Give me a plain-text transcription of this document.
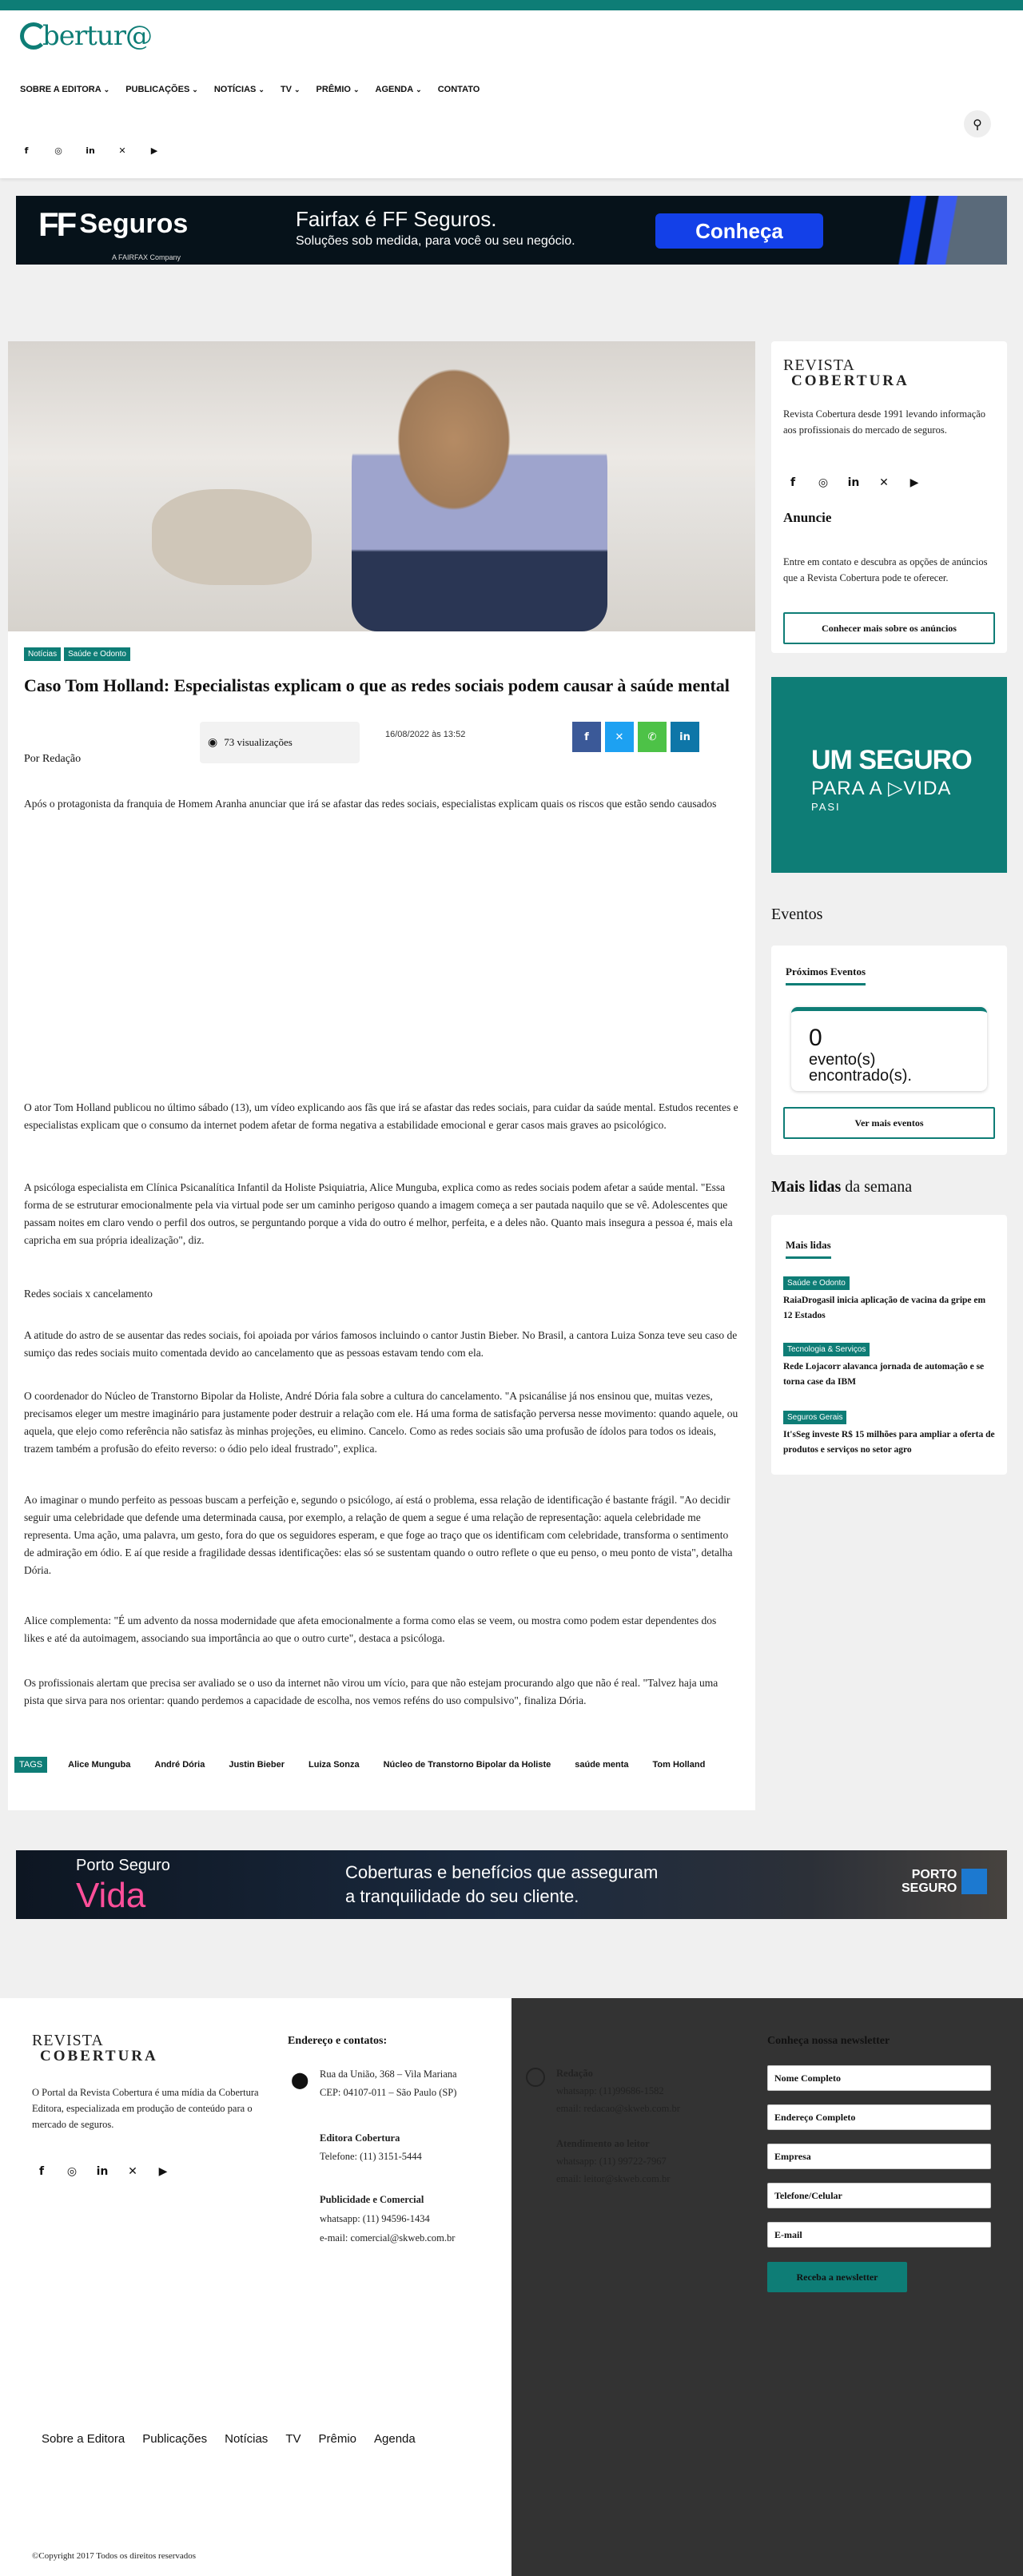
bertur@
SOBRE A EDITORA ⌄ PUBLICAÇÕES ⌄ NOTÍCIAS ⌄ TV ⌄ PRÊMIO ⌄ AGENDA ⌄ CONTATO
⚲
f	◎	in	✕	▶
FF Seguros
A FAIRFAX Company
Fairfax é FF Seguros.
Soluções sob medida, para você ou seu negócio.	Conheça
Notícias	Saúde e Odonto
Caso Tom Holland: Especialistas explicam o que as redes sociais podem causar à saúde mental
◉ 73 visualizações
16/08/2022 às 13:52
Por Redação
f	✕	✆	in
Após o protagonista da franquia de Homem Aranha anunciar que irá se afastar das redes sociais, especialistas explicam quais os riscos que estão sendo causados
O ator Tom Holland publicou no último sábado (13), um vídeo explicando aos fãs que irá se afastar das redes sociais, para cuidar da saúde mental. Estudos recentes e especialistas explicam que o consumo da internet podem afetar de forma negativa a estabilidade emocional e gerar casos mais graves ao psicológico.
A psicóloga especialista em Clínica Psicanalítica Infantil da Holiste Psiquiatria, Alice Munguba, explica como as redes sociais podem afetar a saúde mental. "Essa forma de se estruturar emocionalmente pela via virtual pode ser um caminho perigoso quando a imagem começa a ser pautada naquilo que se vê. Adolescentes que passam noites em claro vendo o perfil dos outros, se perguntando porque a vida do outro é melhor, perfeita, e a deles não. Quanto mais insegura a pessoa é, mais ela capricha em sua própria idealização", diz.
Redes sociais x cancelamento
A atitude do astro de se ausentar das redes sociais, foi apoiada por vários famosos incluindo o cantor Justin Bieber. No Brasil, a cantora Luiza Sonza teve seu caso de sumiço das redes sociais muito comentada devido ao cancelamento que as pessoas estavam tendo com ela.
O coordenador do Núcleo de Transtorno Bipolar da Holiste, André Dória fala sobre a cultura do cancelamento. "A psicanálise já nos ensinou que, muitas vezes, precisamos eleger um mestre imaginário para justamente poder destruir a relação com ele. Há uma forma de satisfação perversa nesse movimento: quando aquele, ou aquela, que elejo como referência não satisfaz às minhas projeções, eu elimino. Cancelo. Como as redes sociais são uma profusão de ídolos para todos os ideais, trazem também a profusão do efeito reverso: o ódio pelo ideal frustrado", explica.
Ao imaginar o mundo perfeito as pessoas buscam a perfeição e, segundo o psicólogo, aí está o problema, essa relação de identificação é bastante frágil. "Ao decidir seguir uma celebridade que defende uma determinada causa, por exemplo, a relação de quem a segue é uma relação de representação: aquela celebridade me representa. Uma ação, uma palavra, um gesto, fora do que os seguidores esperam, e que foge ao traço que os identificam com celebridade, transforma o sentimento de admiração em ódio. E aí que reside a fragilidade dessas identificações: elas só se sustentam quando o outro reflete o que eu penso, o meu ponto de vista", detalha Dória.
Alice complementa: "É um advento da nossa modernidade que afeta emocionalmente a forma como elas se veem, ou mostra como podem estar dependentes dos likes e até da autoimagem, associando sua importância ao que o outro curte", destaca a psicóloga.
Os profissionais alertam que precisa ser avaliado se o uso da internet não virou um vício, para que não estejam procurando algo que não é real. "Talvez haja uma pista que sirva para nos orientar: quando perdemos a capacidade de escolha, nos vemos reféns do uso compulsivo", finaliza Dória.
TAGS	Alice Munguba	André Dória	Justin Bieber	Luiza Sonza	Núcleo de Transtorno Bipolar da Holiste	saúde menta	Tom Holland
REVISTA
COBERTURA
Revista Cobertura desde 1991 levando informação aos profissionais do mercado de seguros.
f	◎	in	✕	▶
Anuncie
Entre em contato e descubra as opções de anúncios que a Revista Cobertura pode te oferecer.
Conhecer mais sobre os anúncios
UM SEGURO
PARA A ▷VIDA
PASI
Eventos
Próximos Eventos
0
evento(s) encontrado(s).
Ver mais eventos
Mais lidas da semana
Mais lidas
Saúde e Odonto
RaiaDrogasil inicia aplicação de vacina da gripe em 12 Estados
Tecnologia & Serviços
Rede Lojacorr alavanca jornada de automação e se torna case da IBM
Seguros Gerais
It'sSeg investe R$ 15 milhões para ampliar a oferta de produtos e serviços no setor agro
Porto Seguro
Vida
Coberturas e benefícios que asseguram
a tranquilidade do seu cliente.
PORTO
SEGURO
REVISTA
COBERTURA
O Portal da Revista Cobertura é uma mídia da Cobertura Editora, especializada em produção de conteúdo para o mercado de seguros.
f	◎	in	✕	▶
Endereço e contatos:
⬤ Rua da União, 368 – Vila Mariana
CEP: 04107-011 – São Paulo (SP)
Editora Cobertura
Telefone: (11) 3151-5444
Publicidade e Comercial
whatsapp: (11) 94596-1434
e-mail: comercial@skweb.com.br
Redação
whatsapp: (11)99686-1582
email: redacao@skweb.com.br
Atendimento ao leitor
whatsapp: (11) 99722-7967
email: leitor@skweb.com.br
Conheça nossa newsletter
Nome Completo
Endereço Completo
Empresa
Telefone/Celular
E-mail
Receba a newsletter
Sobre a Editora Publicações Notícias TV Prêmio Agenda Contato
©Copyright 2017 Todos os direitos reservados
